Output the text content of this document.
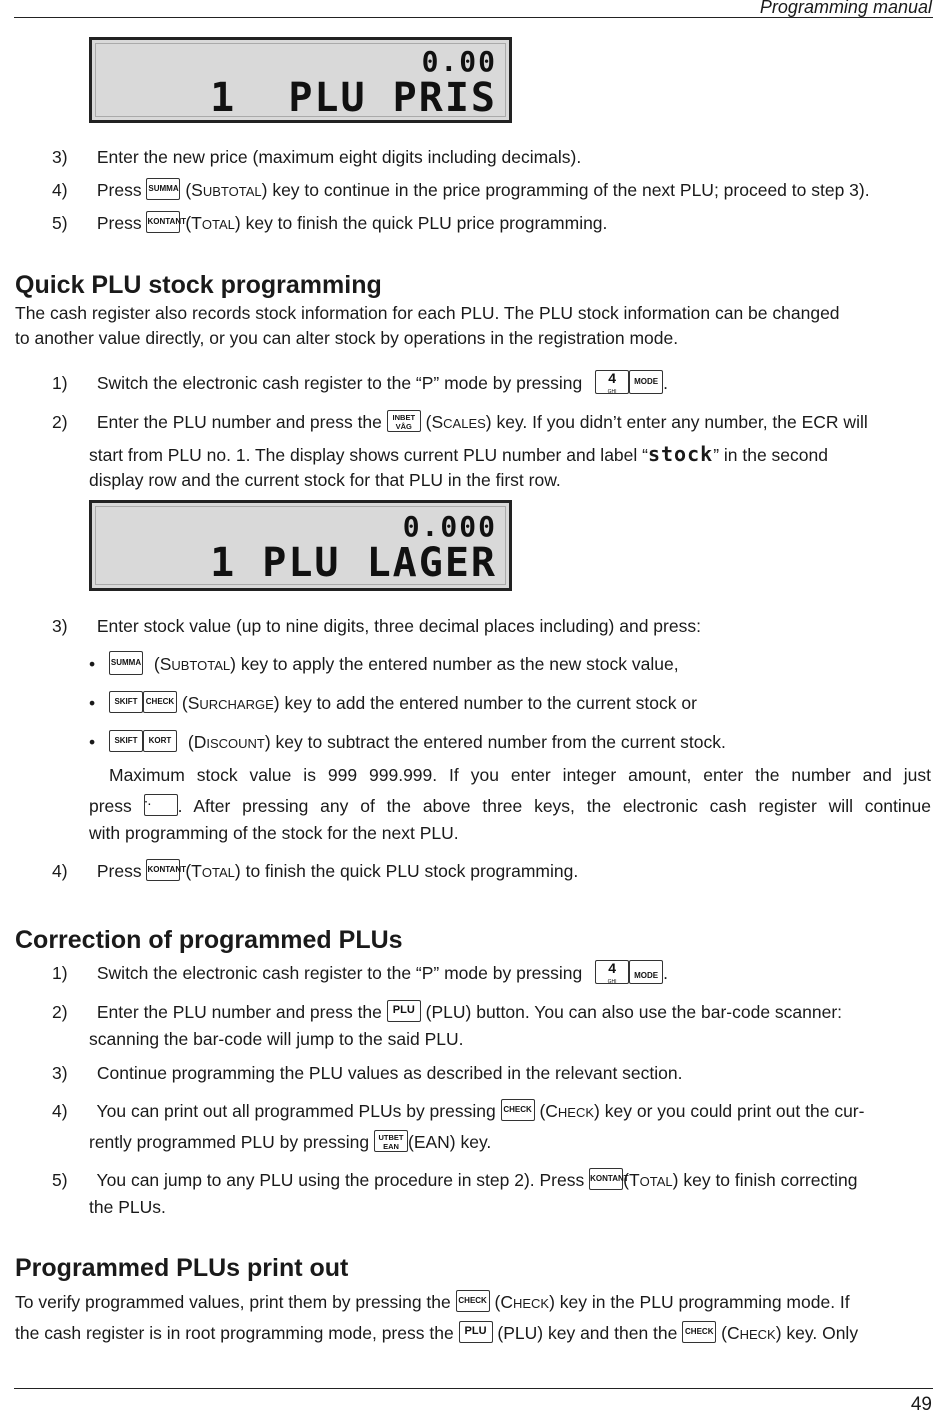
Programming manual
0.00
1  PLU PRIS
3) Enter the new price (maximum eight digits including decimals).
4) Press SUMMA (SUBTOTAL) key to continue in the price programming of the next PLU; proceed to step 3).
5) Press KONTANT (TOTAL) key to finish the quick PLU price programming.
Quick PLU stock programming
The cash register also records stock information for each PLU. The PLU stock information can be changed
to another value directly, or you can alter stock by operations in the registration mode.
1) Switch the electronic cash register to the “P” mode by pressing 4
GHI
MODE .
2) Enter the PLU number and press the INBET
VÅG (SCALES) key. If you didn’t enter any number, the ECR will
start from PLU no. 1. The display shows current PLU number and label “stock” in the second
display row and the current stock for that PLU in the first row.
0.000
1 PLU LAGER
3) Enter stock value (up to nine digits, three decimal places including) and press:
• SUMMA (SUBTOTAL) key to apply the entered number as the new stock value,
• SKIFT CHECK (SURCHARGE) key to add the entered number to the current stock or
• SKIFT KORT (DISCOUNT) key to subtract the entered number from the current stock.
Maximum stock value is 999 999.999. If you enter integer amount, enter the number and just
press ·. . After pressing any of the above three keys, the electronic cash register will continue
with programming of the stock for the next PLU.
4) Press KONTANT (TOTAL) to finish the quick PLU stock programming.
Correction of programmed PLUs
1) Switch the electronic cash register to the “P” mode by pressing 4
GHI
MODE .
2) Enter the PLU number and press the PLU (PLU) button. You can also use the bar-code scanner:
scanning the bar-code will jump to the said PLU.
3) Continue programming the PLU values as described in the relevant section.
4) You can print out all programmed PLUs by pressing CHECK (CHECK) key or you could print out the cur-
rently programmed PLU by pressing UTBET
EAN (EAN) key.
5) You can jump to any PLU using the procedure in step 2). Press KONTANT(TOTAL) key to finish correcting
the PLUs.
Programmed PLUs print out
To verify programmed values, print them by pressing the CHECK (CHECK) key in the PLU programming mode. If
the cash register is in root programming mode, press the PLU (PLU) key and then the CHECK (CHECK) key. Only
49
